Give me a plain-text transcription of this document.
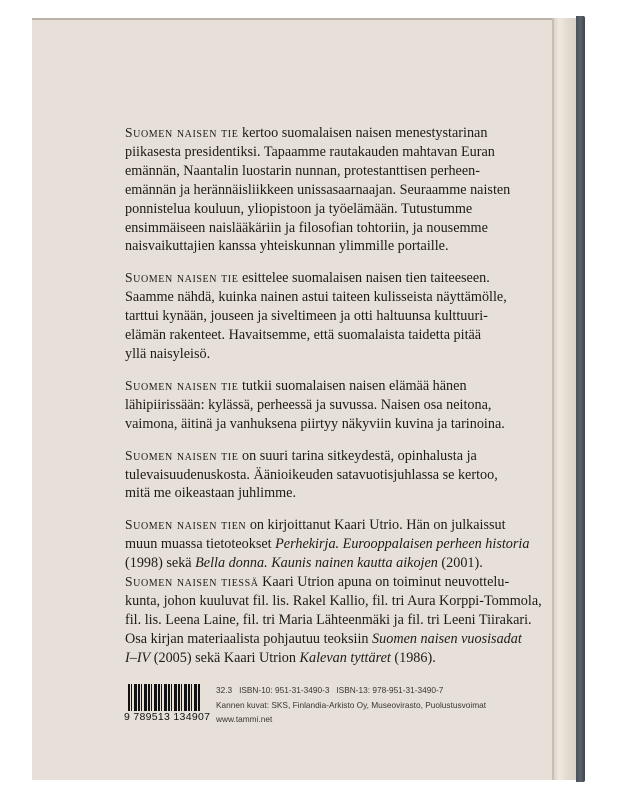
Suomen naisen tie kertoo suomalaisen naisen menestystarinan
piikasesta presidentiksi. Tapaamme rautakauden mahtavan Euran
emännän, Naantalin luostarin nunnan, protestanttisen perheen-
emännän ja herännäisliikkeen unissasaarnaajan. Seuraamme naisten
ponnistelua kouluun, yliopistoon ja työelämään. Tutustumme
ensimmäiseen naislääkäriin ja filosofian tohtoriin, ja nousemme
naisvaikuttajien kanssa yhteiskunnan ylimmille portaille.

Suomen naisen tie esittelee suomalaisen naisen tien taiteeseen.
Saamme nähdä, kuinka nainen astui taiteen kulisseista näyttämölle,
tarttui kynään, jouseen ja siveltimeen ja otti haltuunsa kulttuuri-
elämän rakenteet. Havaitsemme, että suomalaista taidetta pitää
yllä naisyleisö.

Suomen naisen tie tutkii suomalaisen naisen elämää hänen
lähipiirissään: kylässä, perheessä ja suvussa. Naisen osa neitona,
vaimona, äitinä ja vanhuksena piirtyy näkyviin kuvina ja tarinoina.

Suomen naisen tie on suuri tarina sitkeydestä, opinhalusta ja
tulevaisuudenuskosta. Äänioikeuden satavuotisjuhlassa se kertoo,
mitä me oikeastaan juhlimme.

Suomen naisen tien on kirjoittanut Kaari Utrio. Hän on julkaissut
muun muassa tietoteokset Perhekirja. Eurooppalaisen perheen historia
(1998) sekä Bella donna. Kaunis nainen kautta aikojen (2001).
Suomen naisen tiessä Kaari Utrion apuna on toiminut neuvottelu-
kunta, johon kuuluvat fil. lis. Rakel Kallio, fil. tri Aura Korppi-Tommola,
fil. lis. Leena Laine, fil. tri Maria Lähteenmäki ja fil. tri Leeni Tiirakari.
Osa kirjan materiaalista pohjautuu teoksiin Suomen naisen vuosisadat
I–IV (2005) sekä Kaari Utrion Kalevan tyttäret (1986).

9 789513 134907
32.3   ISBN-10: 951-31-3490-3   ISBN-13: 978-951-31-3490-7
Kannen kuvat: SKS, Finlandia-Arkisto Oy, Museovirasto, Puolustusvoimat
www.tammi.net
